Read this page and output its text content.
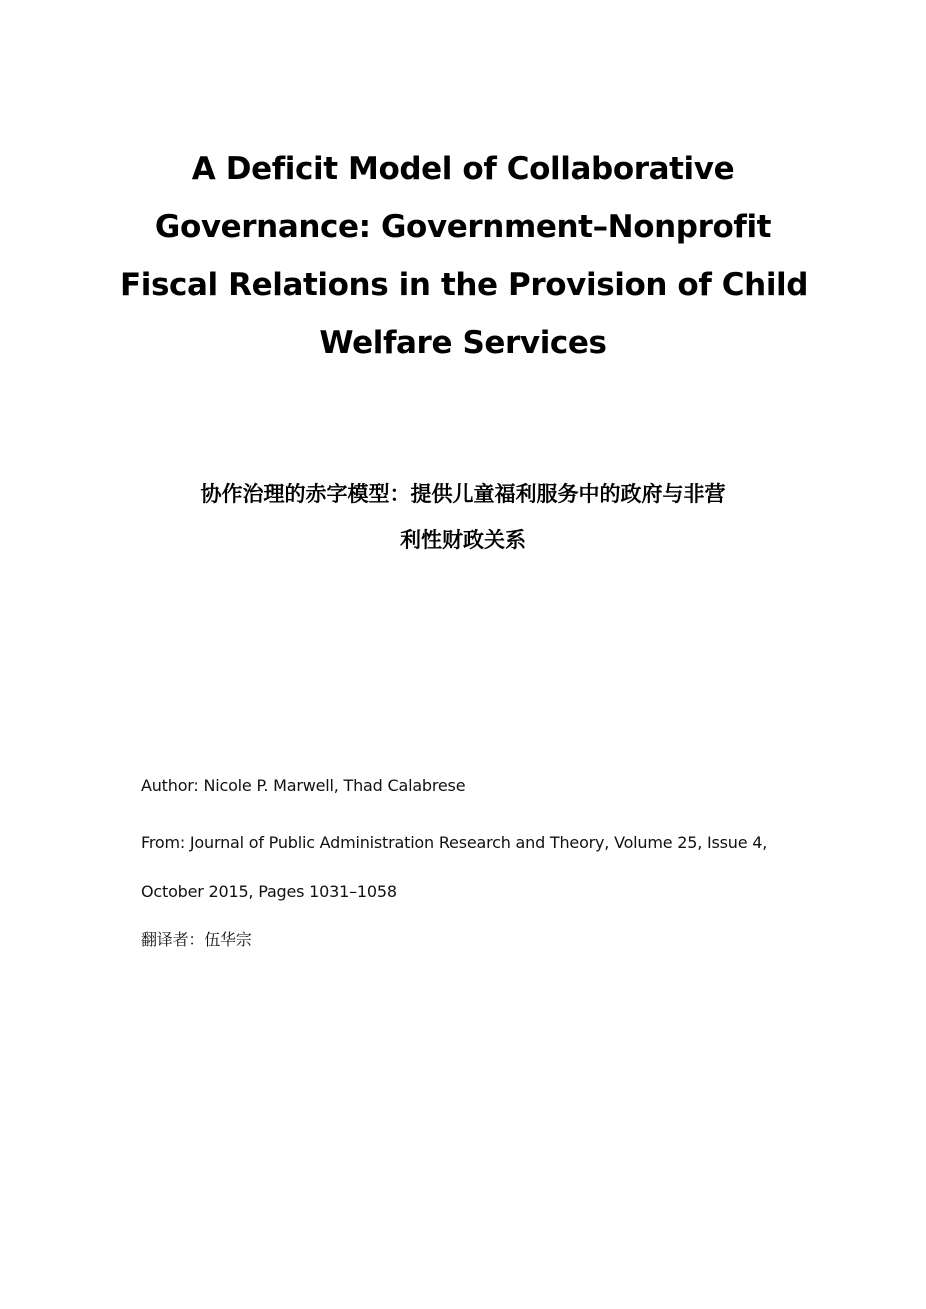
A Deficit Model of Collaborative
Governance: Government–Nonprofit
Fiscal Relations in the Provision of Child
Welfare Services
协作治理的赤字模型：提供儿童福利服务中的政府与非营
利性财政关系
Author: Nicole P. Marwell, Thad Calabrese
From: Journal of Public Administration Research and Theory, Volume 25, Issue 4,
October 2015, Pages 1031–1058
翻译者：伍华宗
